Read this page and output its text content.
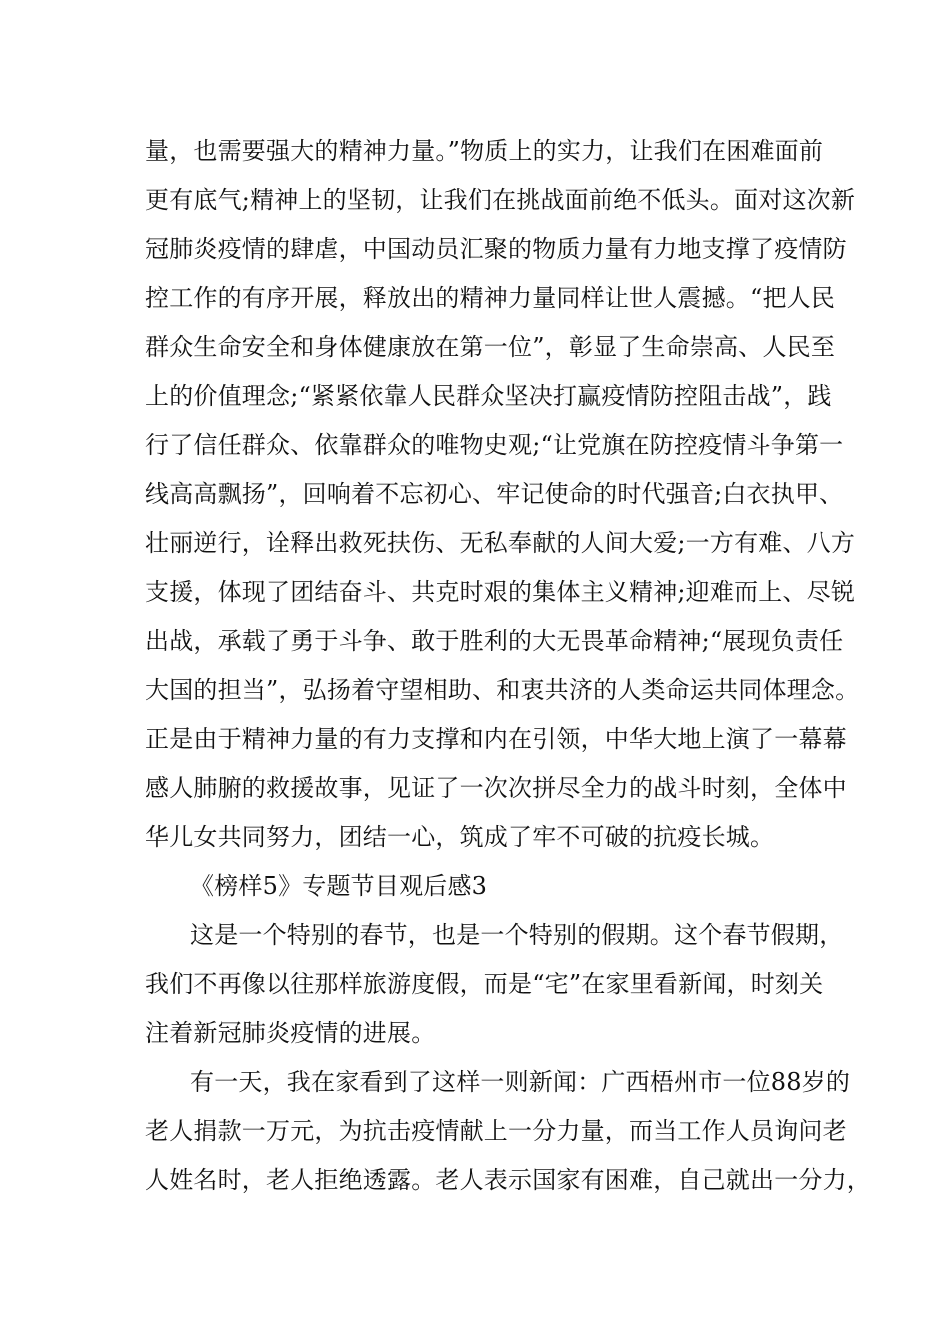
量，也需要强大的精神力量。”物质上的实力，让我们在困难面前
更有底气;精神上的坚韧，让我们在挑战面前绝不低头。面对这次新
冠肺炎疫情的肆虐，中国动员汇聚的物质力量有力地支撑了疫情防
控工作的有序开展，释放出的精神力量同样让世人震撼。“把人民
群众生命安全和身体健康放在第一位”，彰显了生命崇高、人民至
上的价值理念;“紧紧依靠人民群众坚决打赢疫情防控阻击战”，践
行了信任群众、依靠群众的唯物史观;“让党旗在防控疫情斗争第一
线高高飘扬”，回响着不忘初心、牢记使命的时代强音;白衣执甲、
壮丽逆行，诠释出救死扶伤、无私奉献的人间大爱;一方有难、八方
支援，体现了团结奋斗、共克时艰的集体主义精神;迎难而上、尽锐
出战，承载了勇于斗争、敢于胜利的大无畏革命精神;“展现负责任
大国的担当”，弘扬着守望相助、和衷共济的人类命运共同体理念。
正是由于精神力量的有力支撑和内在引领，中华大地上演了一幕幕
感人肺腑的救援故事，见证了一次次拼尽全力的战斗时刻，全体中
华儿女共同努力，团结一心，筑成了牢不可破的抗疫长城。
《榜样5》专题节目观后感3
这是一个特别的春节，也是一个特别的假期。这个春节假期，
我们不再像以往那样旅游度假，而是“宅”在家里看新闻，时刻关
注着新冠肺炎疫情的进展。
有一天，我在家看到了这样一则新闻：广西梧州市一位88岁的
老人捐款一万元，为抗击疫情献上一分力量，而当工作人员询问老
人姓名时，老人拒绝透露。老人表示国家有困难，自己就出一分力，
